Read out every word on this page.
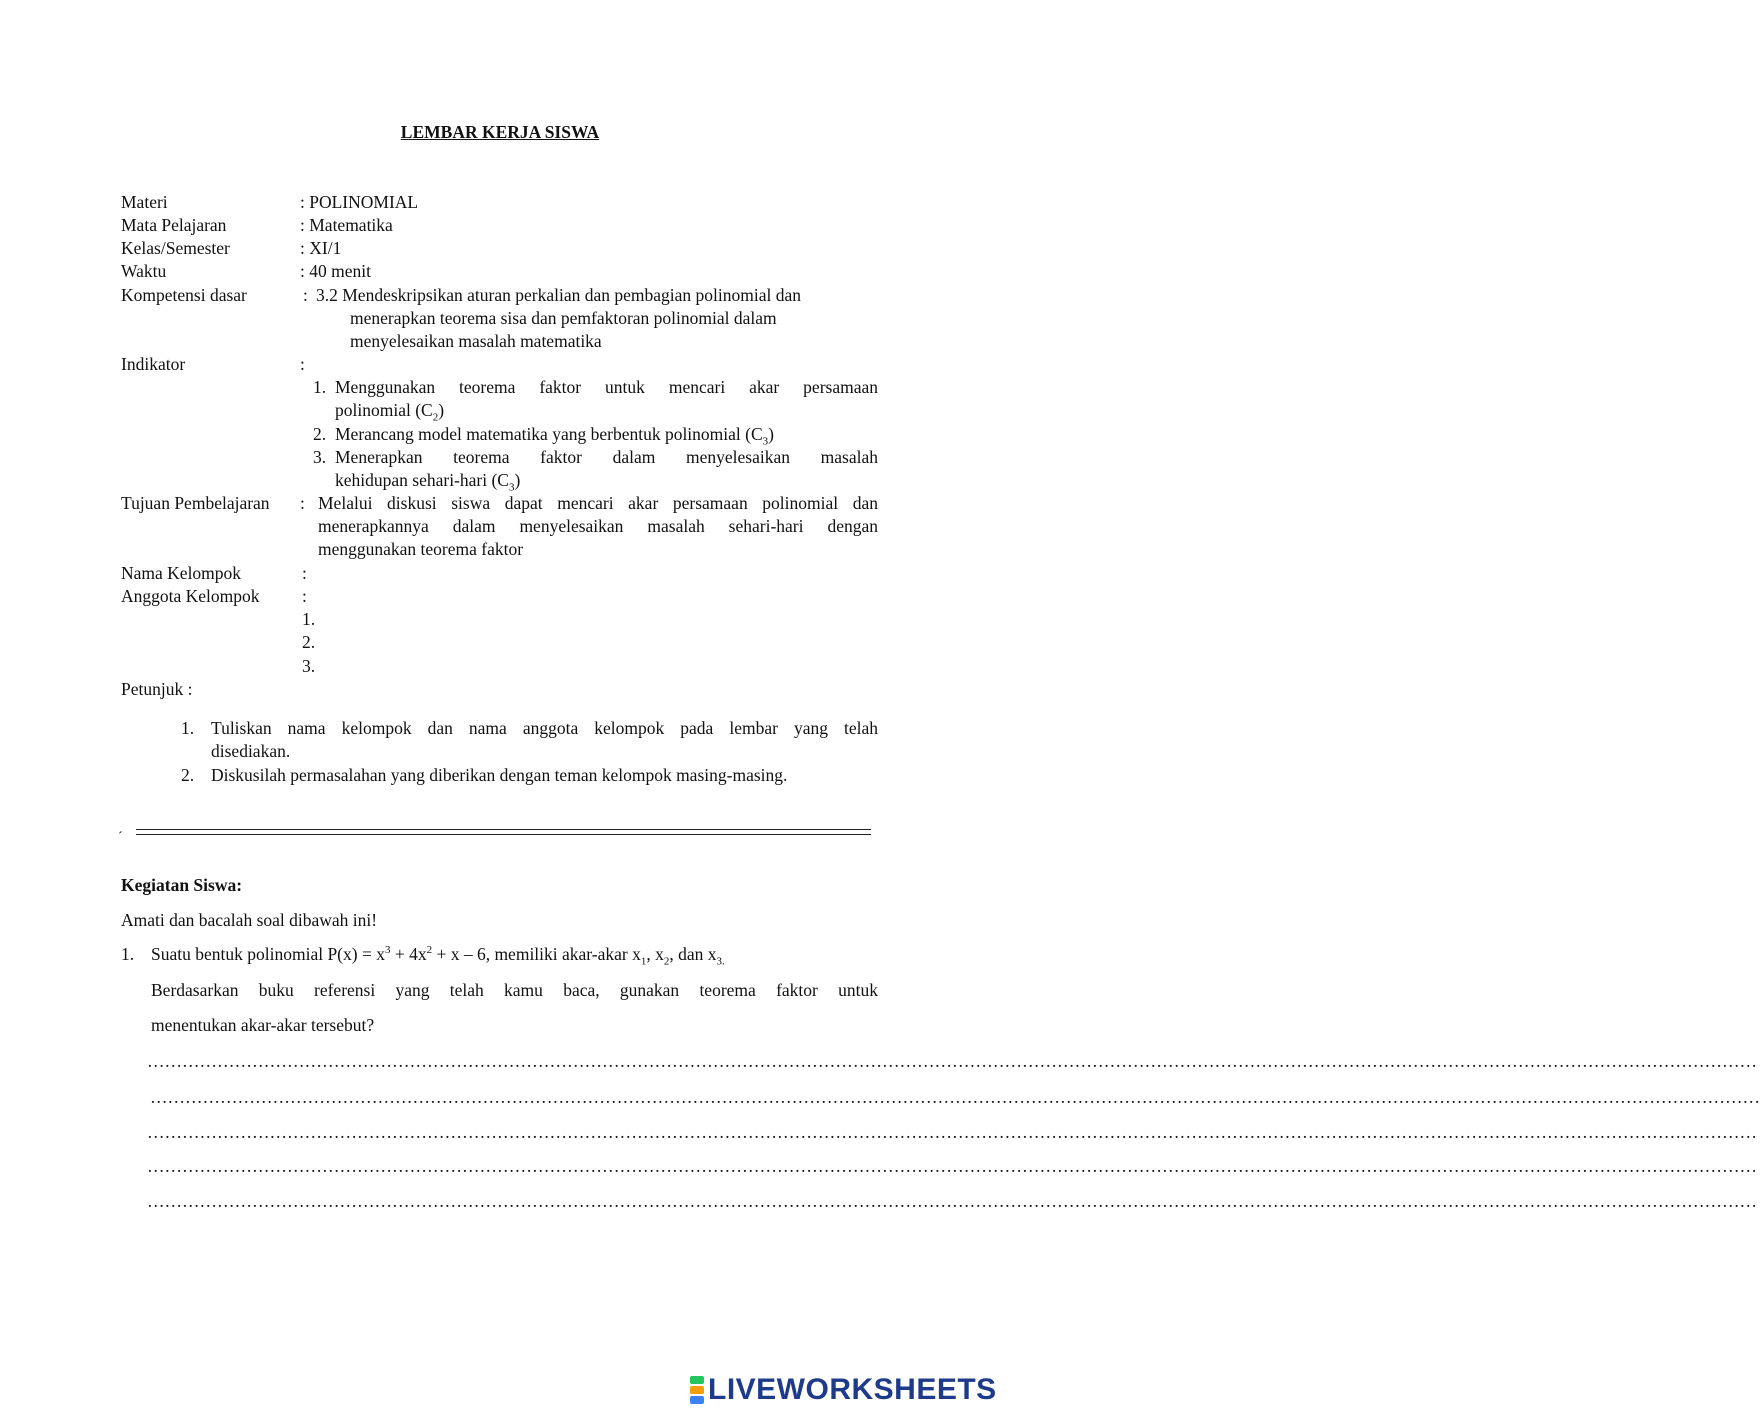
LEMBAR KERJA SISWA
Materi	: POLINOMIAL
Mata Pelajaran	: Matematika
Kelas/Semester	: XI/1
Waktu	: 40 menit
Kompetensi dasar	: 3.2 Mendeskripsikan aturan perkalian dan pembagian polinomial dan
menerapkan teorema sisa dan pemfaktoran polinomial dalam
menyelesaikan masalah matematika
Indikator	:
1. Menggunakan teorema faktor untuk mencari akar persamaan
polinomial $(C_2)$
2. Merancang model matematika yang berbentuk polinomial $(C_3)$
3. Menerapkan teorema faktor dalam menyelesaikan masalah
kehidupan sehari-hari $(C_3)$
Tujuan Pembelajaran : Melalui diskusi siswa dapat mencari akar persamaan polinomial dan
menerapkannya dalam menyelesaikan masalah sehari-hari dengan
menggunakan teorema faktor
Nama Kelompok	:
Anggota Kelompok :
1.
2.
3.
Petunjuk :
1. Tuliskan nama kelompok dan nama anggota kelompok pada lembar yang telah
disediakan.
2. Diskusilah permasalahan yang diberikan dengan teman kelompok masing-masing.
´
Kegiatan Siswa:
Amati dan bacalah soal dibawah ini!
1. Suatu bentuk polinomial $P(x) = x^3 + 4x^2 + x - 6$, memiliki akar-akar $x_1$, $x_2$, dan $x_{3.}$
Berdasarkan buku referensi yang telah kamu baca, gunakan teorema faktor untuk
menentukan akar-akar tersebut?
……………………………………………………………………………………………………………………………………………………………………………………………………………………………………………………
……………………………………………………………………………………………………………………………………………………………………………………………………………………………………………………
……………………………………………………………………………………………………………………………………………………………………………………………………………………………………………………
……………………………………………………………………………………………………………………………………………………………………………………………………………………………………………………
……………………………………………………………………………………………………………………………………………………………………………………………………………………………………………………
LIVEWORKSHEETS
